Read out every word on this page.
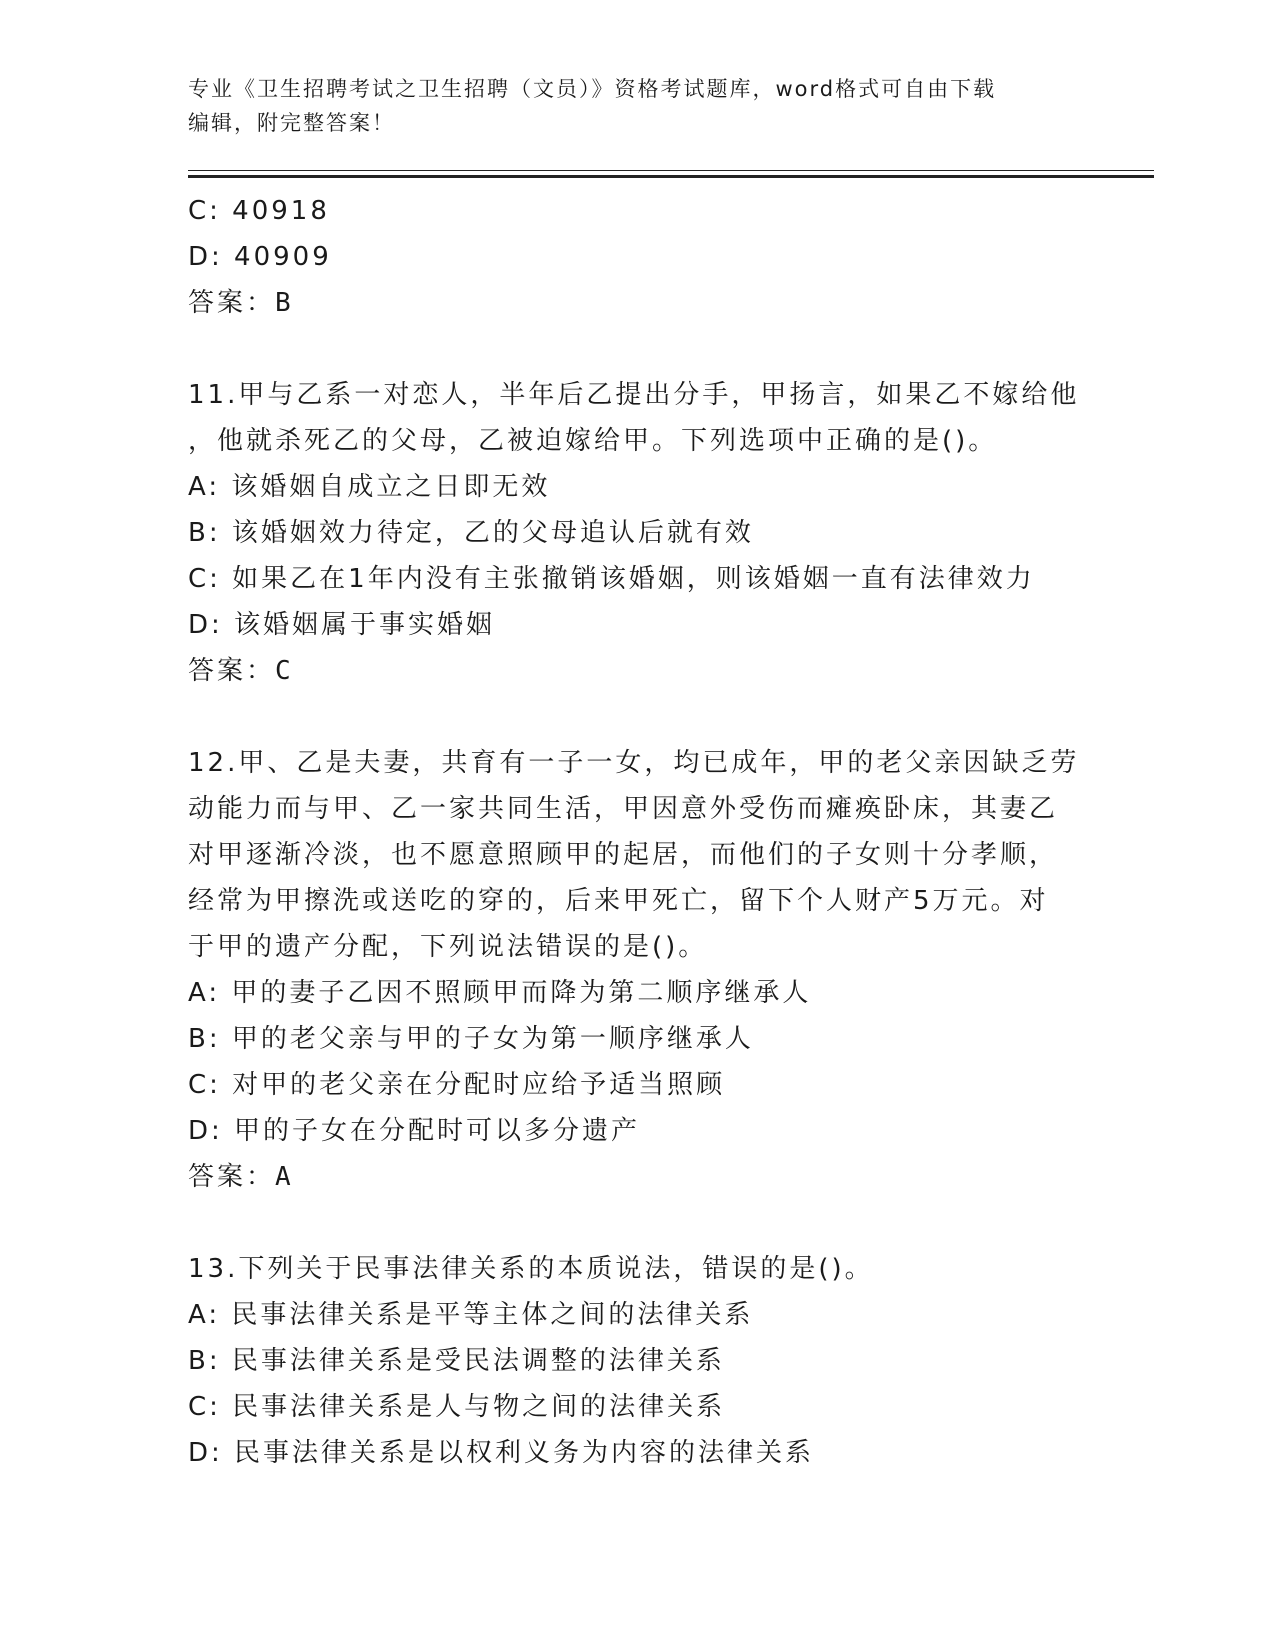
专业《卫生招聘考试之卫生招聘（文员）》资格考试题库，word格式可自由下载
编辑，附完整答案！
C: 40918
D: 40909
答案：B
11.甲与乙系一对恋人，半年后乙提出分手，甲扬言，如果乙不嫁给他
，他就杀死乙的父母，乙被迫嫁给甲。下列选项中正确的是()。
A: 该婚姻自成立之日即无效
B: 该婚姻效力待定，乙的父母追认后就有效
C: 如果乙在1年内没有主张撤销该婚姻，则该婚姻一直有法律效力
D: 该婚姻属于事实婚姻
答案：C
12.甲、乙是夫妻，共育有一子一女，均已成年，甲的老父亲因缺乏劳
动能力而与甲、乙一家共同生活，甲因意外受伤而瘫痪卧床，其妻乙
对甲逐渐冷淡，也不愿意照顾甲的起居，而他们的子女则十分孝顺，
经常为甲擦洗或送吃的穿的，后来甲死亡，留下个人财产5万元。对
于甲的遗产分配，下列说法错误的是()。
A: 甲的妻子乙因不照顾甲而降为第二顺序继承人
B: 甲的老父亲与甲的子女为第一顺序继承人
C: 对甲的老父亲在分配时应给予适当照顾
D: 甲的子女在分配时可以多分遗产
答案：A
13.下列关于民事法律关系的本质说法，错误的是()。
A: 民事法律关系是平等主体之间的法律关系
B: 民事法律关系是受民法调整的法律关系
C: 民事法律关系是人与物之间的法律关系
D: 民事法律关系是以权利义务为内容的法律关系
